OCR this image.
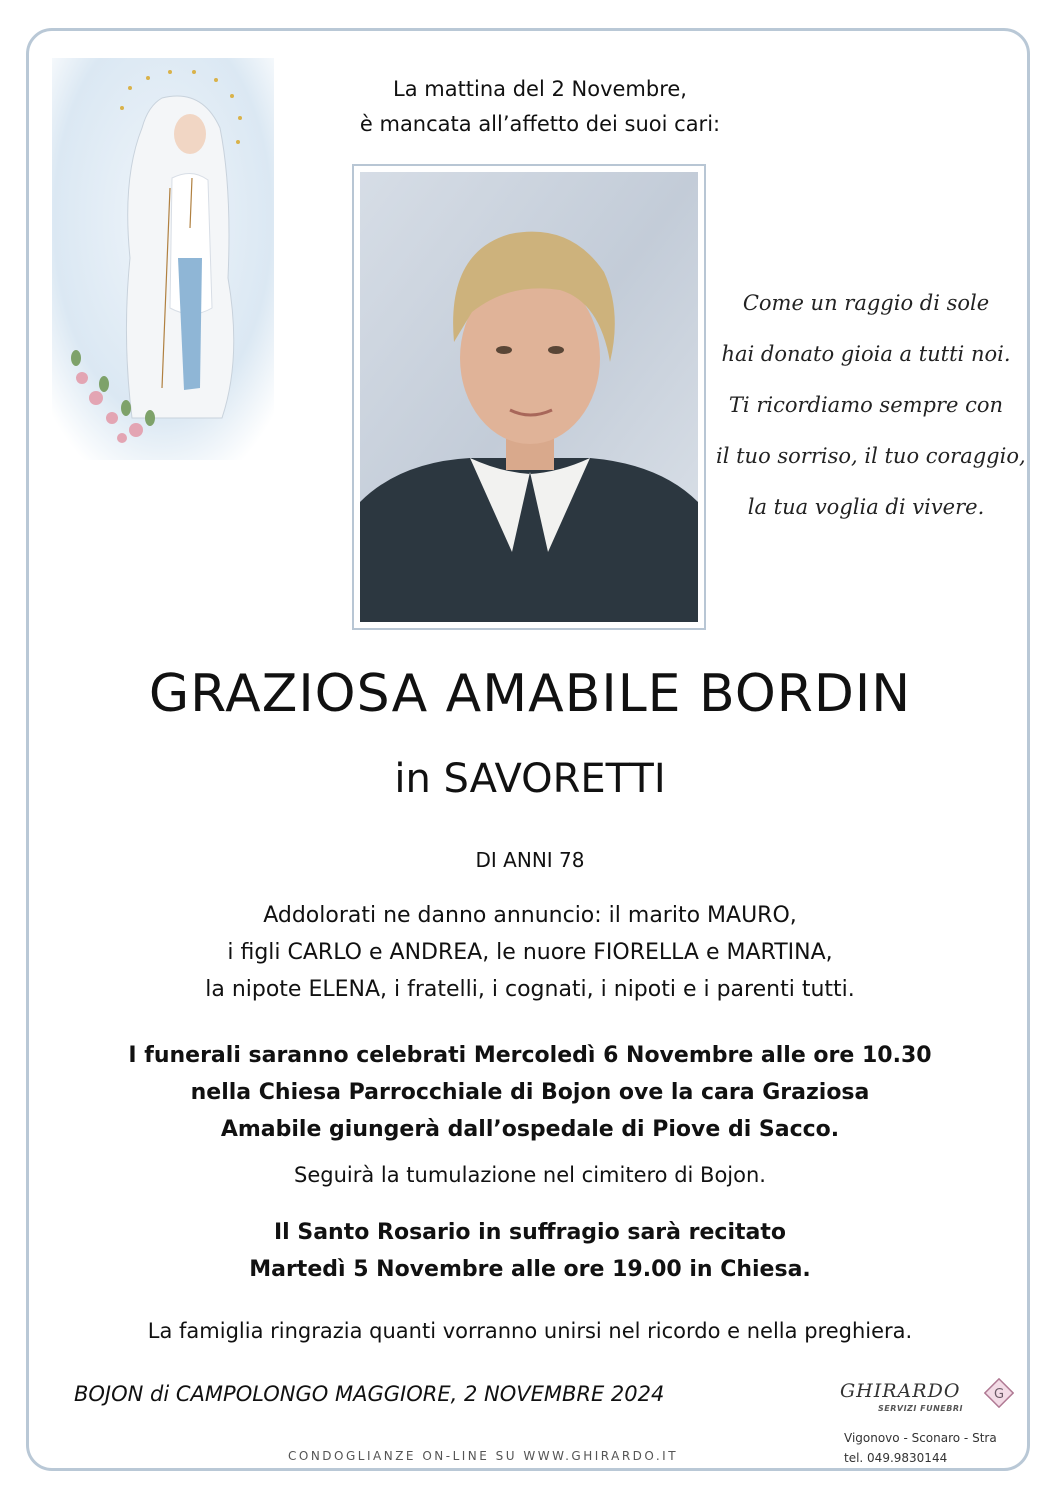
La mattina del 2 Novembre,
è mancata all’affetto dei suoi cari:
Come un raggio di sole
hai donato gioia a tutti noi.
Ti ricordiamo sempre con
il tuo sorriso, il tuo coraggio,
la tua voglia di vivere.
GRAZIOSA AMABILE BORDIN
in SAVORETTI
DI ANNI 78
Addolorati ne danno annuncio: il marito MAURO,
i figli CARLO e ANDREA, le nuore FIORELLA e MARTINA,
la nipote ELENA, i fratelli, i cognati, i nipoti e i parenti tutti.
I funerali saranno celebrati Mercoledì 6 Novembre alle ore 10.30
nella Chiesa Parrocchiale di Bojon ove la cara Graziosa
Amabile giungerà dall’ospedale di Piove di Sacco.
Seguirà la tumulazione nel cimitero di Bojon.
Il Santo Rosario in suffragio sarà recitato
Martedì 5 Novembre alle ore 19.00 in Chiesa.
La famiglia ringrazia quanti vorranno unirsi nel ricordo e nella preghiera.
BOJON di CAMPOLONGO MAGGIORE, 2 NOVEMBRE 2024	GHIRARDO
SERVIZI FUNEBRI
G
Vigonovo - Sconaro - Stra
tel. 049.9830144
CONDOGLIANZE ON-LINE SU WWW.GHIRARDO.IT
